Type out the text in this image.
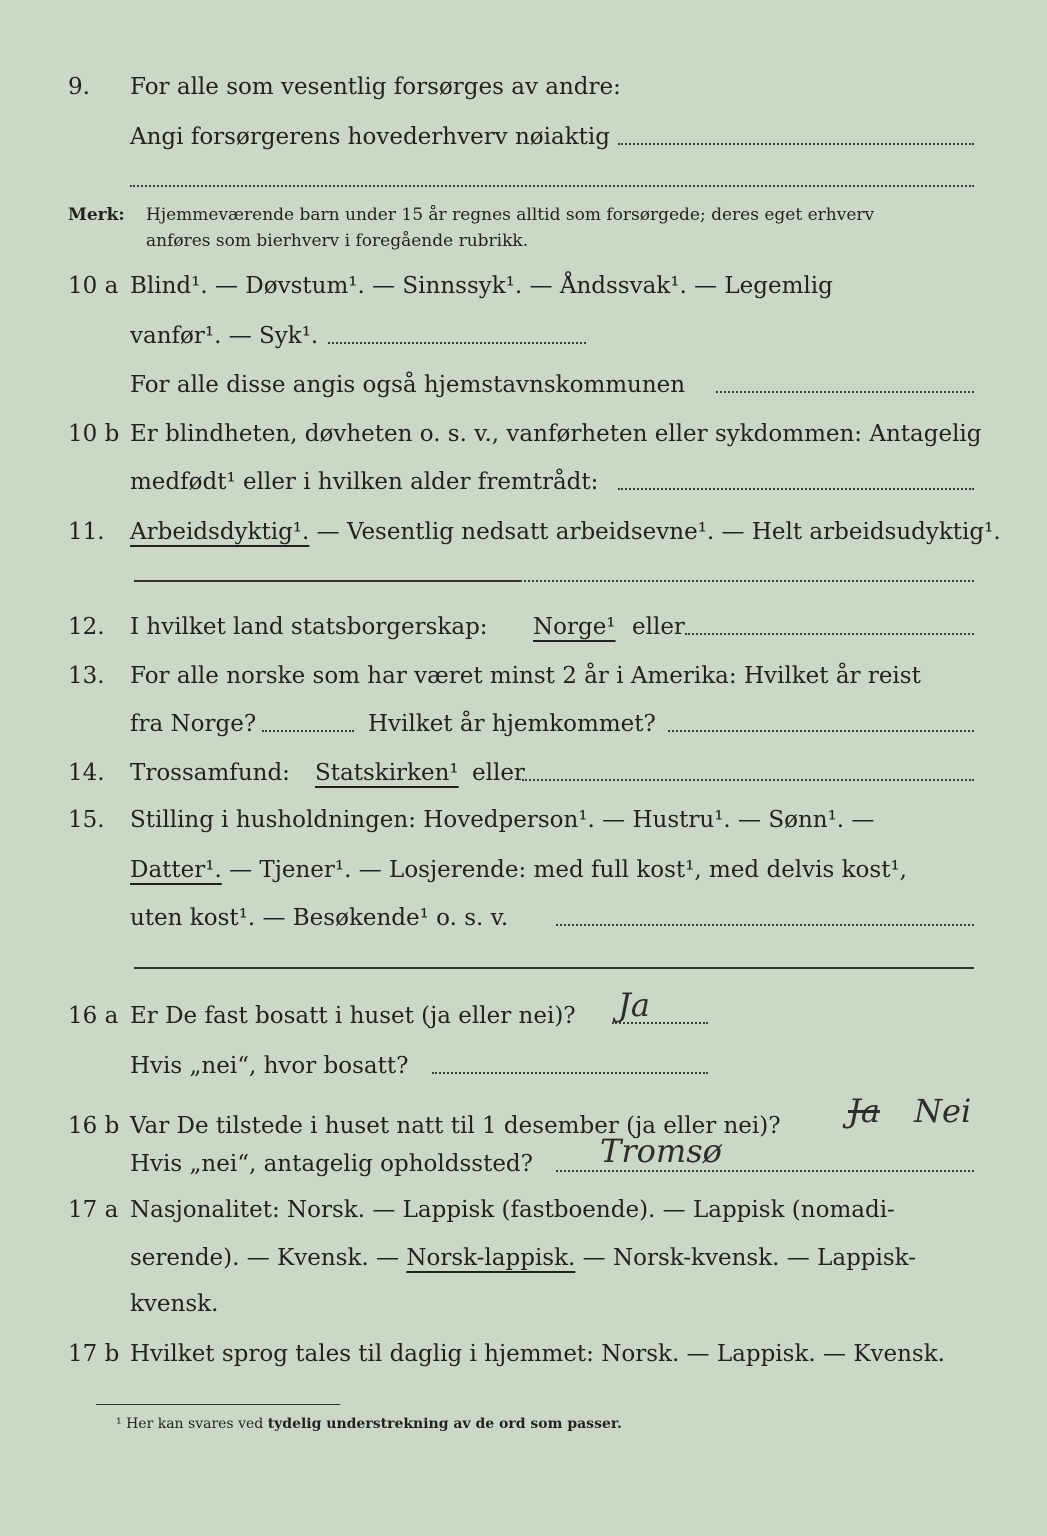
9. For alle som vesentlig forsørges av andre:
Angi forsørgerens hovederhverv nøiaktig
Merk: Hjemmeværende barn under 15 år regnes alltid som forsørgede; deres eget erhverv
anføres som bierhverv i foregående rubrikk.
10 a Blind¹. — Døvstum¹. — Sinnssyk¹. — Åndssvak¹. — Legemlig
vanfør¹. — Syk¹.
For alle disse angis også hjemstavnskommunen
10 b Er blindheten, døvheten o. s. v., vanførheten eller sykdommen: Antagelig
medfødt¹ eller i hvilken alder fremtrådt:
11. Arbeidsdyktig¹. — Vesentlig nedsatt arbeidsevne¹. — Helt arbeidsudyktig¹.
12. I hvilket land statsborgerskap: Norge¹ eller
13. For alle norske som har været minst 2 år i Amerika: Hvilket år reist
fra Norge?	Hvilket år hjemkommet?
14. Trossamfund: Statskirken¹ eller
15. Stilling i husholdningen: Hovedperson¹. — Hustru¹. — Sønn¹. —
Datter¹. — Tjener¹. — Losjerende: med full kost¹, med delvis kost¹,
uten kost¹. — Besøkende¹ o. s. v.
16 a Er De fast bosatt i huset (ja eller nei)? Ja
Hvis „nei“, hvor bosatt?
16 b Var De tilstede i huset natt til 1 desember (ja eller nei)? Ja Nei
Hvis „nei“, antagelig opholdssted? Tromsø
17 a Nasjonalitet: Norsk. — Lappisk (fastboende). — Lappisk (nomadi-
serende). — Kvensk. — Norsk-lappisk. — Norsk-kvensk. — Lappisk-
kvensk.
17 b Hvilket sprog tales til daglig i hjemmet: Norsk. — Lappisk. — Kvensk.
¹ Her kan svares ved tydelig understrekning av de ord som passer.
